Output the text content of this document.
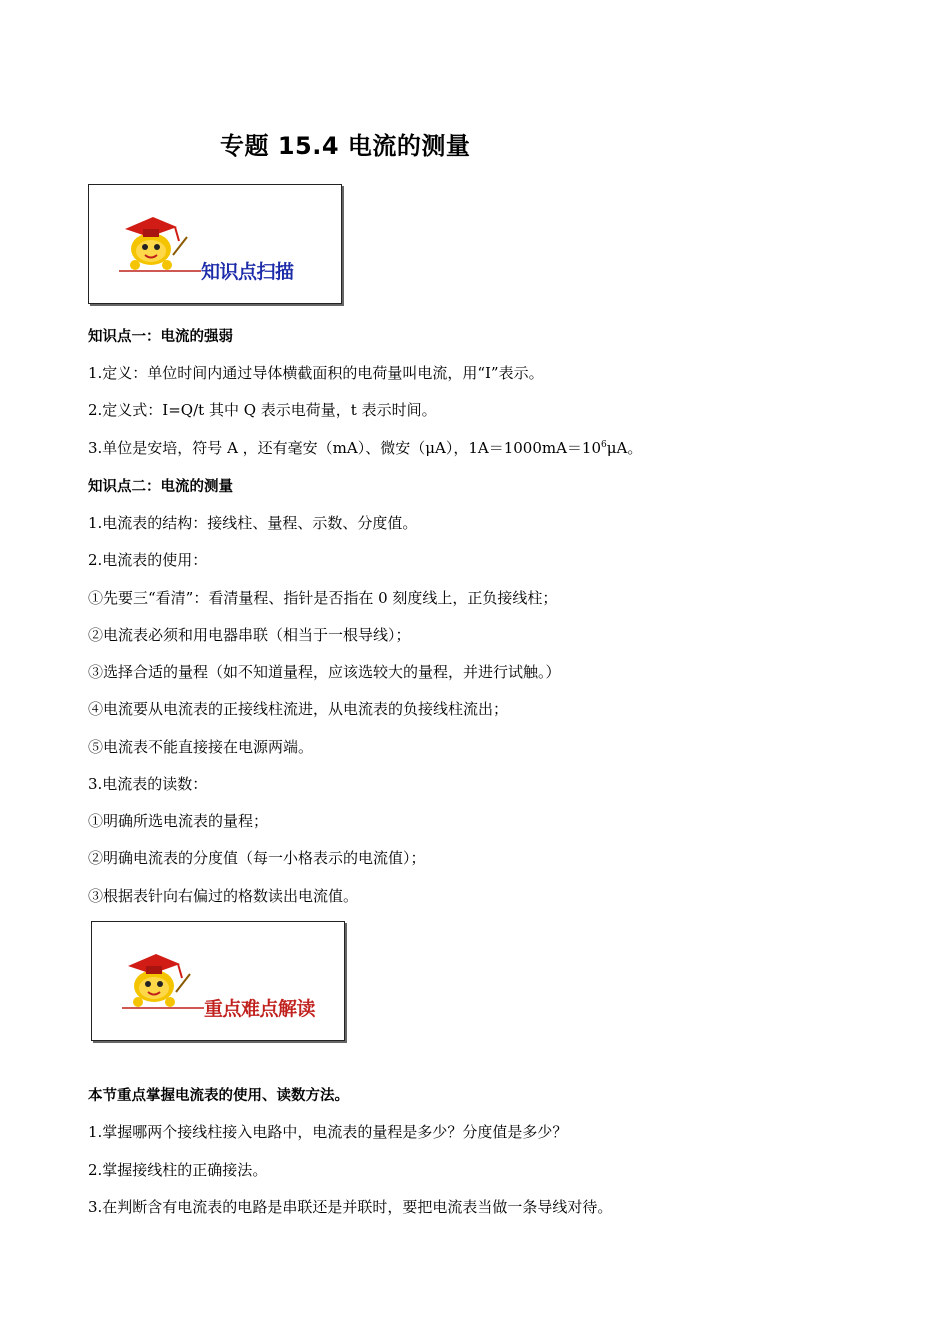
专题 15.4 电流的测量
知识点扫描
知识点一：电流的强弱
1.定义：单位时间内通过导体横截面积的电荷量叫电流，用“I”表示。
2.定义式：I=Q/t 其中 Q 表示电荷量，t 表示时间。
3.单位是安培，符号 A ，还有毫安（mA）、微安（μA），$1A=1000mA=10^6\mu A$。
知识点二：电流的测量
1.电流表的结构：接线柱、量程、示数、分度值。
2.电流表的使用：
①先要三“看清”：看清量程、指针是否指在 0 刻度线上，正负接线柱；
②电流表必须和用电器串联（相当于一根导线）；
③选择合适的量程（如不知道量程，应该选较大的量程，并进行试触。）
④电流要从电流表的正接线柱流进，从电流表的负接线柱流出；
⑤电流表不能直接接在电源两端。
3.电流表的读数：
①明确所选电流表的量程；
②明确电流表的分度值（每一小格表示的电流值）；
③根据表针向右偏过的格数读出电流值。
重点难点解读
本节重点掌握电流表的使用、读数方法。
1.掌握哪两个接线柱接入电路中，电流表的量程是多少？分度值是多少？
2.掌握接线柱的正确接法。
3.在判断含有电流表的电路是串联还是并联时，要把电流表当做一条导线对待。
